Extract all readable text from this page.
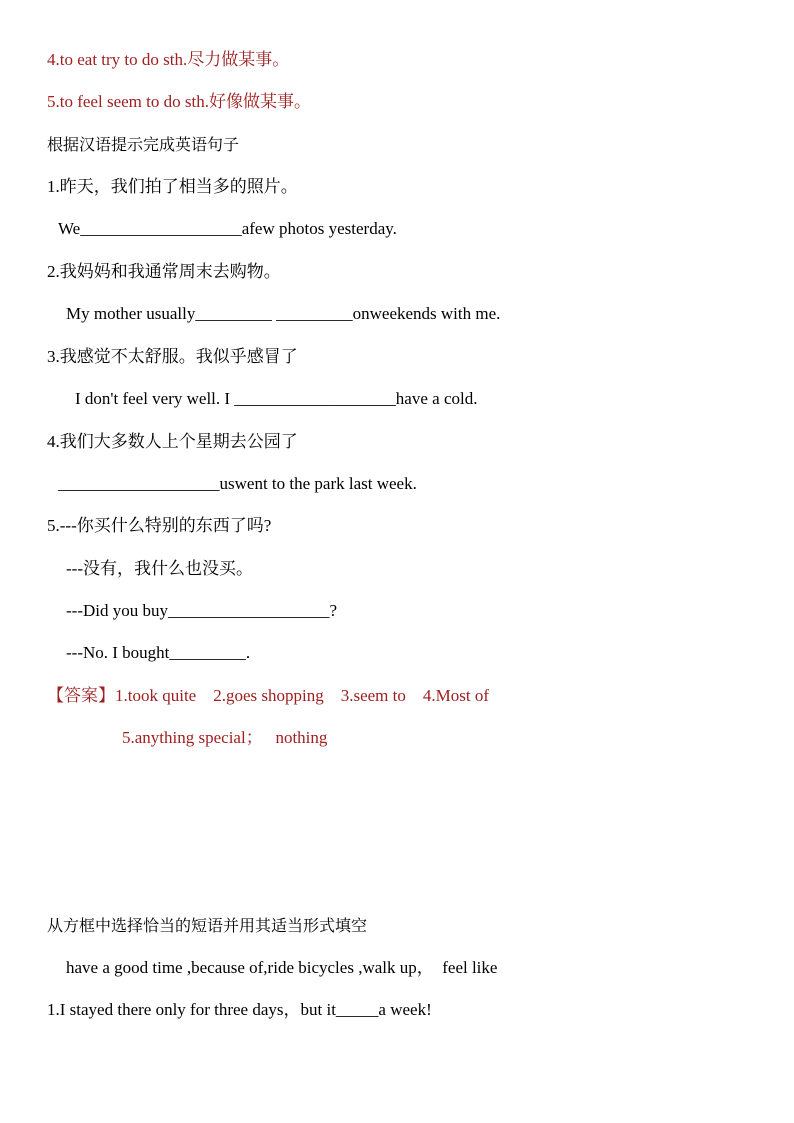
4.to eat try to do sth.尽力做某事。
5.to feel seem to do sth.好像做某事。
根据汉语提示完成英语句子
1.昨天，我们拍了相当多的照片。
We___________________afew photos yesterday.
2.我妈妈和我通常周末去购物。
My mother usually_________ _________onweekends with me.
3.我感觉不太舒服。我似乎感冒了
I don't feel very well. I ___________________have a cold.
4.我们大多数人上个星期去公园了
___________________uswent to the park last week.
5.---你买什么特别的东西了吗?
---没有，我什么也没买。
---Did you buy___________________?
---No. I bought_________.
【答案】1.took quite    2.goes shopping    3.seem to    4.Most of
5.anything special；   nothing
从方框中选择恰当的短语并用其适当形式填空
have a good time ,because of,ride bicycles ,walk up，  feel like
1.I stayed there only for three days，but it_____a week!
